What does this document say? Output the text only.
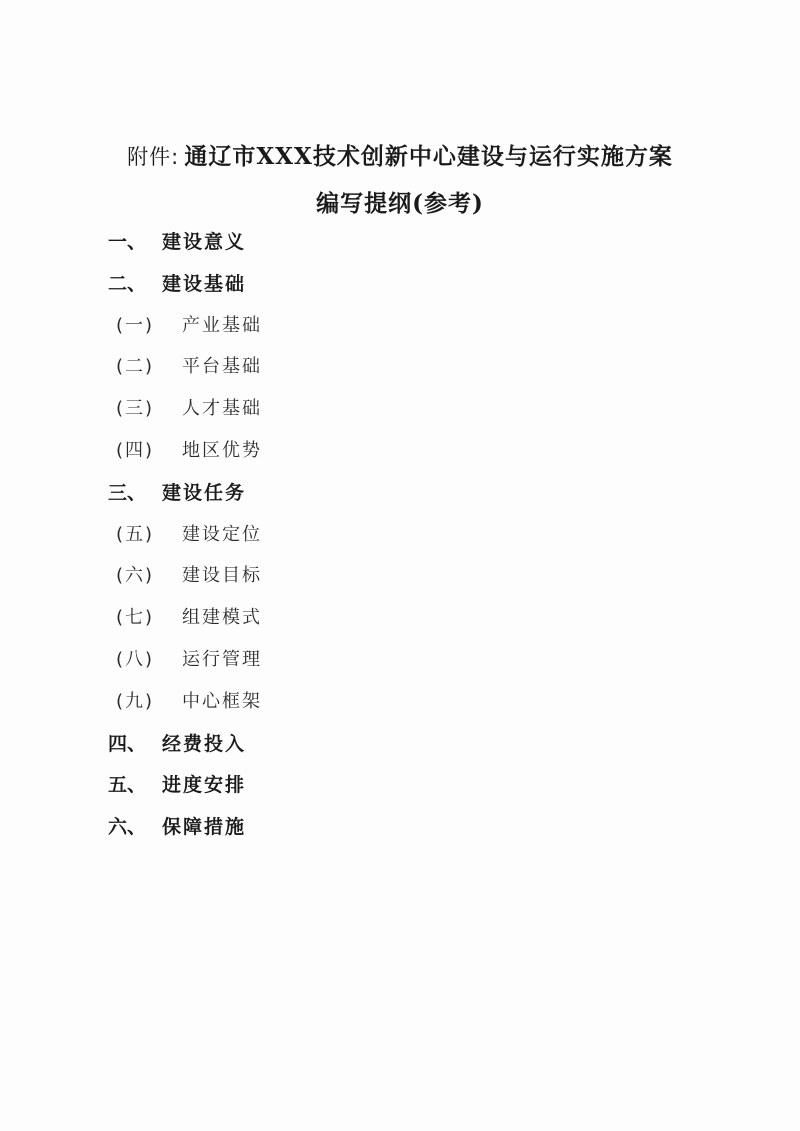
附件: 通辽市XXX技术创新中心建设与运行实施方案
编写提纲(参考)
一、 建设意义
二、 建设基础
(一) 产业基础
(二) 平台基础
(三) 人才基础
(四) 地区优势
三、 建设任务
(五) 建设定位
(六) 建设目标
(七) 组建模式
(八) 运行管理
(九) 中心框架
四、 经费投入
五、 进度安排
六、 保障措施
